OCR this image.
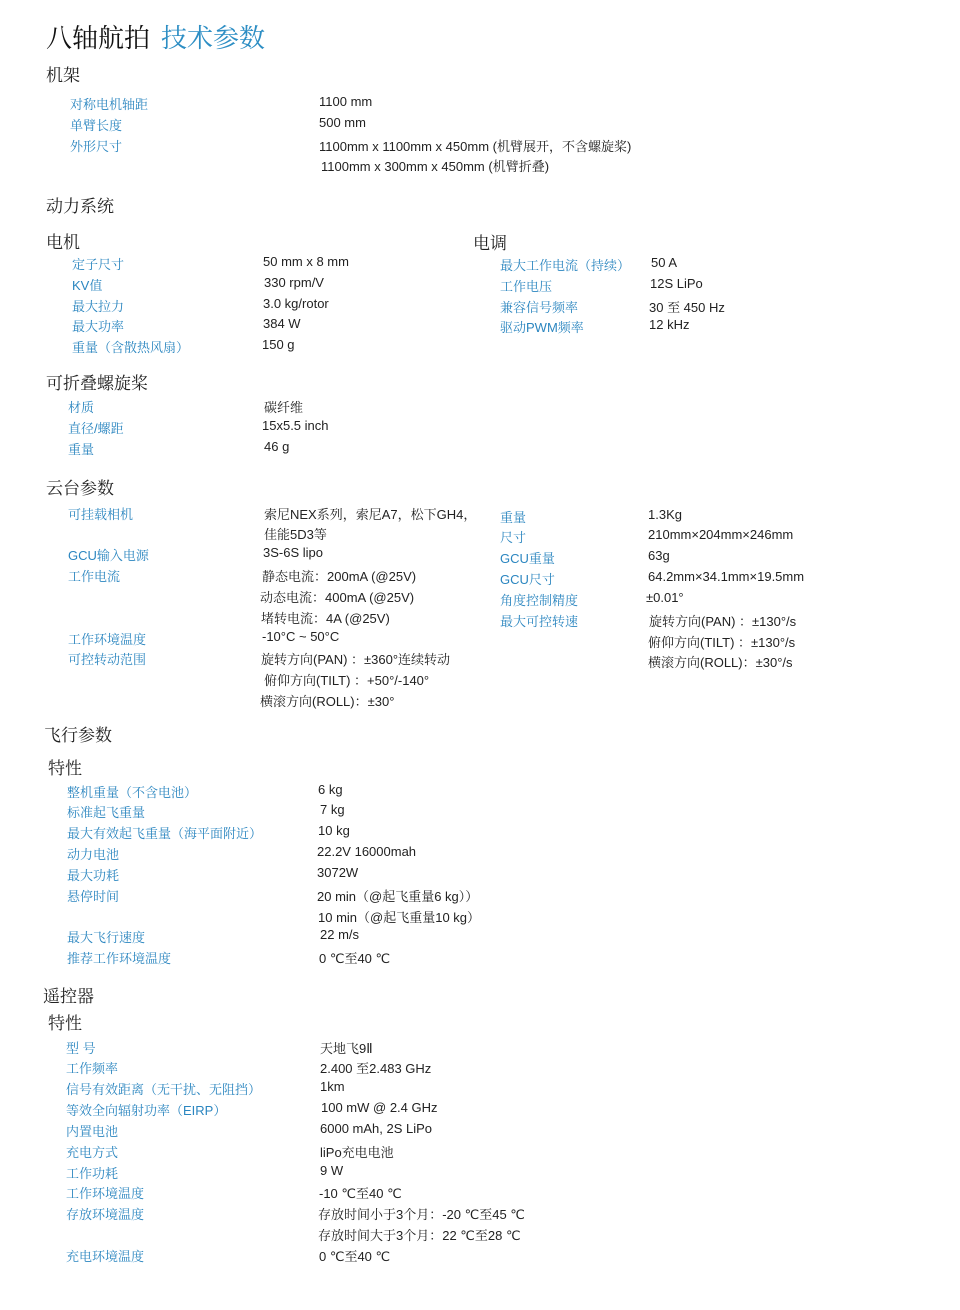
八轴航拍 技术参数
机架
对称电机轴距	1100 mm
单臂长度	500 mm
外形尺寸	1100mm x 1100mm x 450mm (机臂展开，不含螺旋桨)
1100mm x 300mm x 450mm (机臂折叠)
动力系统
电机
定子尺寸	50 mm x 8 mm
KV值	330 rpm/V
最大拉力	3.0 kg/rotor
最大功率	384 W
重量（含散热风扇）	150 g
电调
最大工作电流（持续） 50 A
工作电压	12S LiPo
兼容信号频率	30 至 450 Hz
驱动PWM频率	12 kHz
可折叠螺旋桨
材质	碳纤维
直径/螺距	15x5.5 inch
重量	46 g
云台参数
可挂载相机	索尼NEX系列，索尼A7，松下GH4，
佳能5D3等
GCU输入电源	3S-6S lipo
工作电流	静态电流：200mA (@25V)
动态电流：400mA (@25V)
堵转电流：4A (@25V)
工作环境温度	-10°C ~ 50°C
可控转动范围	旋转方向(PAN) ：±360°连续转动
俯仰方向(TILT) ：+50°/-140°
横滚方向(ROLL)：±30°
重量	1.3Kg
尺寸	210mm×204mm×246mm
GCU重量	63g
GCU尺寸	64.2mm×34.1mm×19.5mm
角度控制精度	±0.01°
最大可控转速	旋转方向(PAN) ：±130°/s
俯仰方向(TILT) ：±130°/s
横滚方向(ROLL)：±30°/s
飞行参数
特性
整机重量（不含电池）	6 kg
标准起飞重量	7 kg
最大有效起飞重量（海平面附近）	10 kg
动力电池	22.2V 16000mah
最大功耗	3072W
悬停时间	20 min（@起飞重量6 kg））
10 min（@起飞重量10 kg）
最大飞行速度	22 m/s
推荐工作环境温度	0 ℃至40 ℃
遥控器
特性
型 号	天地飞9Ⅱ
工作频率	2.400 至2.483 GHz
信号有效距离（无干扰、无阻挡）	1km
等效全向辐射功率（EIRP）	100 mW @ 2.4 GHz
内置电池	6000 mAh, 2S LiPo
充电方式	liPo充电电池
工作功耗	9 W
工作环境温度	-10 ℃至40 ℃
存放环境温度	存放时间小于3个月：-20 ℃至45 ℃
存放时间大于3个月：22 ℃至28 ℃
充电环境温度	0 ℃至40 ℃
